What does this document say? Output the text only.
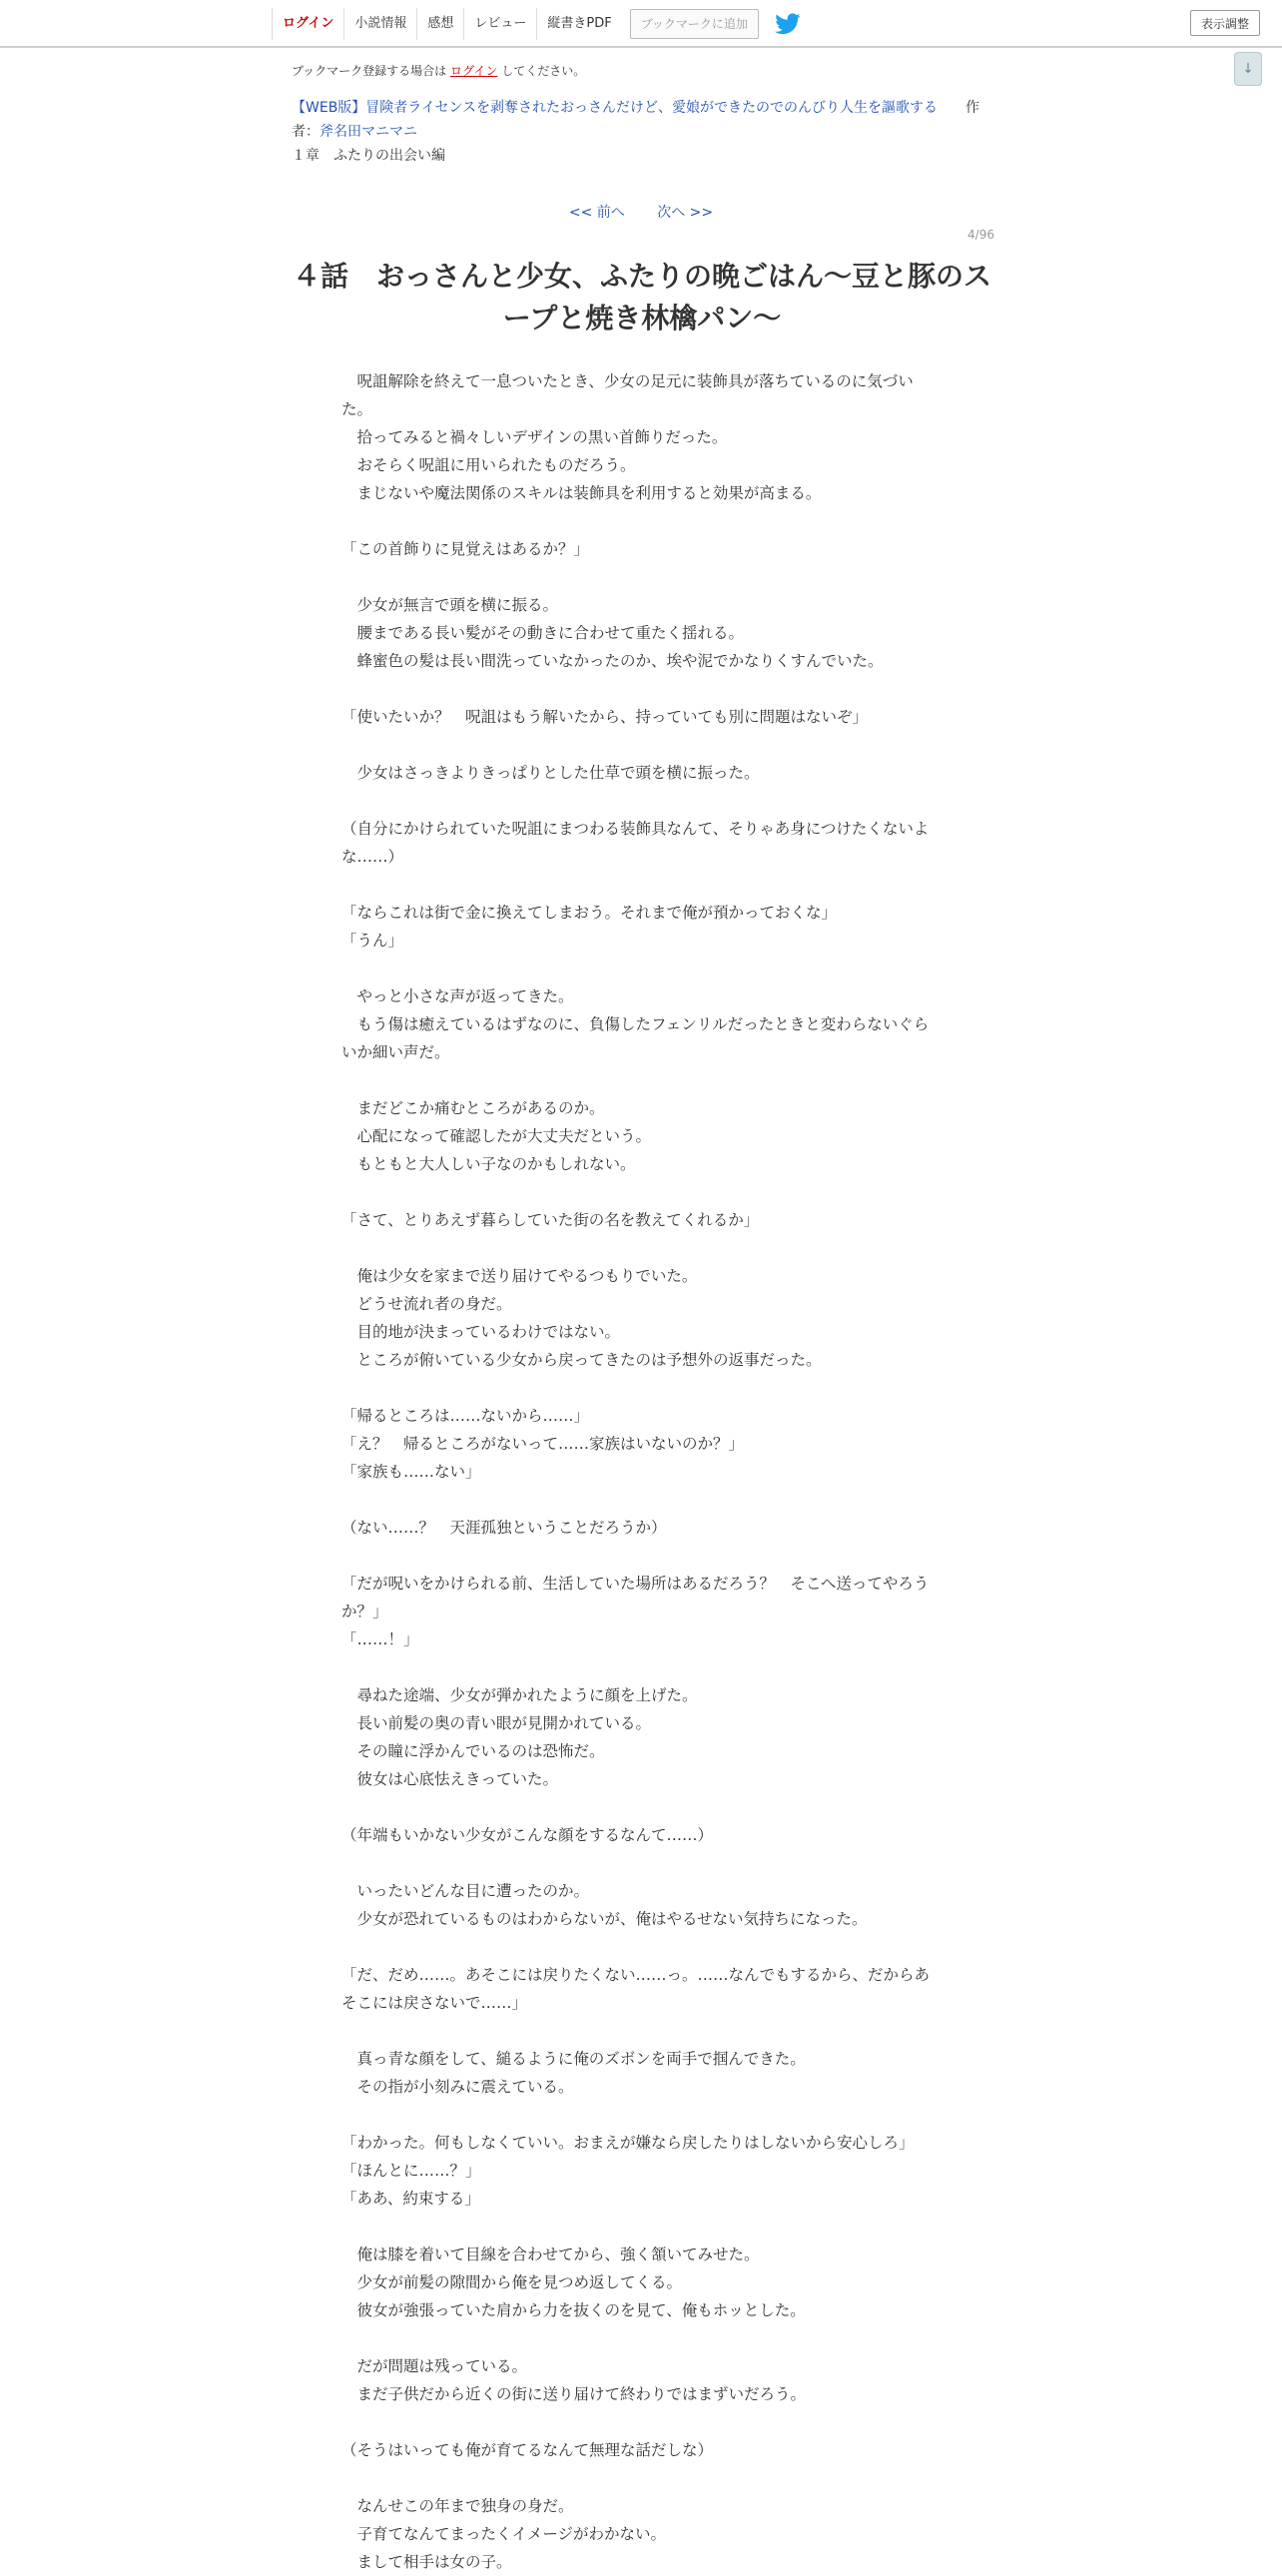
ログイン	小説情報	感想	レビュー	縦書きPDF	ブックマークに追加	表示調整
↓
ブックマーク登録する場合は ログイン してください。
【WEB版】冒険者ライセンスを剥奪されたおっさんだけど、愛娘ができたのでのんびり人生を謳歌する   作者：斧名田マニマニ
１章　ふたりの出会い編
<< 前へ 次へ >>
4/96
４話　おっさんと少女、ふたりの晩ごはん～豆と豚のスープと焼き林檎パン～

　呪詛解除を終えて一息ついたとき、少女の足元に装飾具が落ちているのに気づいた。

　拾ってみると禍々しいデザインの黒い首飾りだった。

　おそらく呪詛に用いられたものだろう。

　まじないや魔法関係のスキルは装飾具を利用すると効果が高まる。

「この首飾りに見覚えはあるか？」

　少女が無言で頭を横に振る。

　腰まである長い髪がその動きに合わせて重たく揺れる。

　蜂蜜色の髪は長い間洗っていなかったのか、埃や泥でかなりくすんでいた。

「使いたいか？　呪詛はもう解いたから、持っていても別に問題はないぞ」

　少女はさっきよりきっぱりとした仕草で頭を横に振った。

（自分にかけられていた呪詛にまつわる装飾具なんて、そりゃあ身につけたくないよな……）

「ならこれは街で金に換えてしまおう。それまで俺が預かっておくな」

「うん」

　やっと小さな声が返ってきた。

　もう傷は癒えているはずなのに、負傷したフェンリルだったときと変わらないぐらいか細い声だ。

　まだどこか痛むところがあるのか。

　心配になって確認したが大丈夫だという。

　もともと大人しい子なのかもしれない。

「さて、とりあえず暮らしていた街の名を教えてくれるか」

　俺は少女を家まで送り届けてやるつもりでいた。

　どうせ流れ者の身だ。

　目的地が決まっているわけではない。

　ところが俯いている少女から戻ってきたのは予想外の返事だった。

「帰るところは……ないから……」

「え？　帰るところがないって……家族はいないのか？」

「家族も……ない」

（ない……？　天涯孤独ということだろうか）

「だが呪いをかけられる前、生活していた場所はあるだろう？　そこへ送ってやろうか？」

「……！」

　尋ねた途端、少女が弾かれたように顔を上げた。

　長い前髪の奥の青い眼が見開かれている。

　その瞳に浮かんでいるのは恐怖だ。

　彼女は心底怯えきっていた。

（年端もいかない少女がこんな顔をするなんて……）

　いったいどんな目に遭ったのか。

　少女が恐れているものはわからないが、俺はやるせない気持ちになった。

「だ、だめ……。あそこには戻りたくない……っ。……なんでもするから、だからあそこには戻さないで……」

　真っ青な顔をして、縋るように俺のズボンを両手で掴んできた。

　その指が小刻みに震えている。

「わかった。何もしなくていい。おまえが嫌なら戻したりはしないから安心しろ」

「ほんとに……？」

「ああ、約束する」

　俺は膝を着いて目線を合わせてから、強く頷いてみせた。

　少女が前髪の隙間から俺を見つめ返してくる。

　彼女が強張っていた肩から力を抜くのを見て、俺もホッとした。

　だが問題は残っている。

　まだ子供だから近くの街に送り届けて終わりではまずいだろう。

（そうはいっても俺が育てるなんて無理な話だしな）

　なんせこの年まで独身の身だ。

　子育てなんてまったくイメージがわかない。

　まして相手は女の子。
